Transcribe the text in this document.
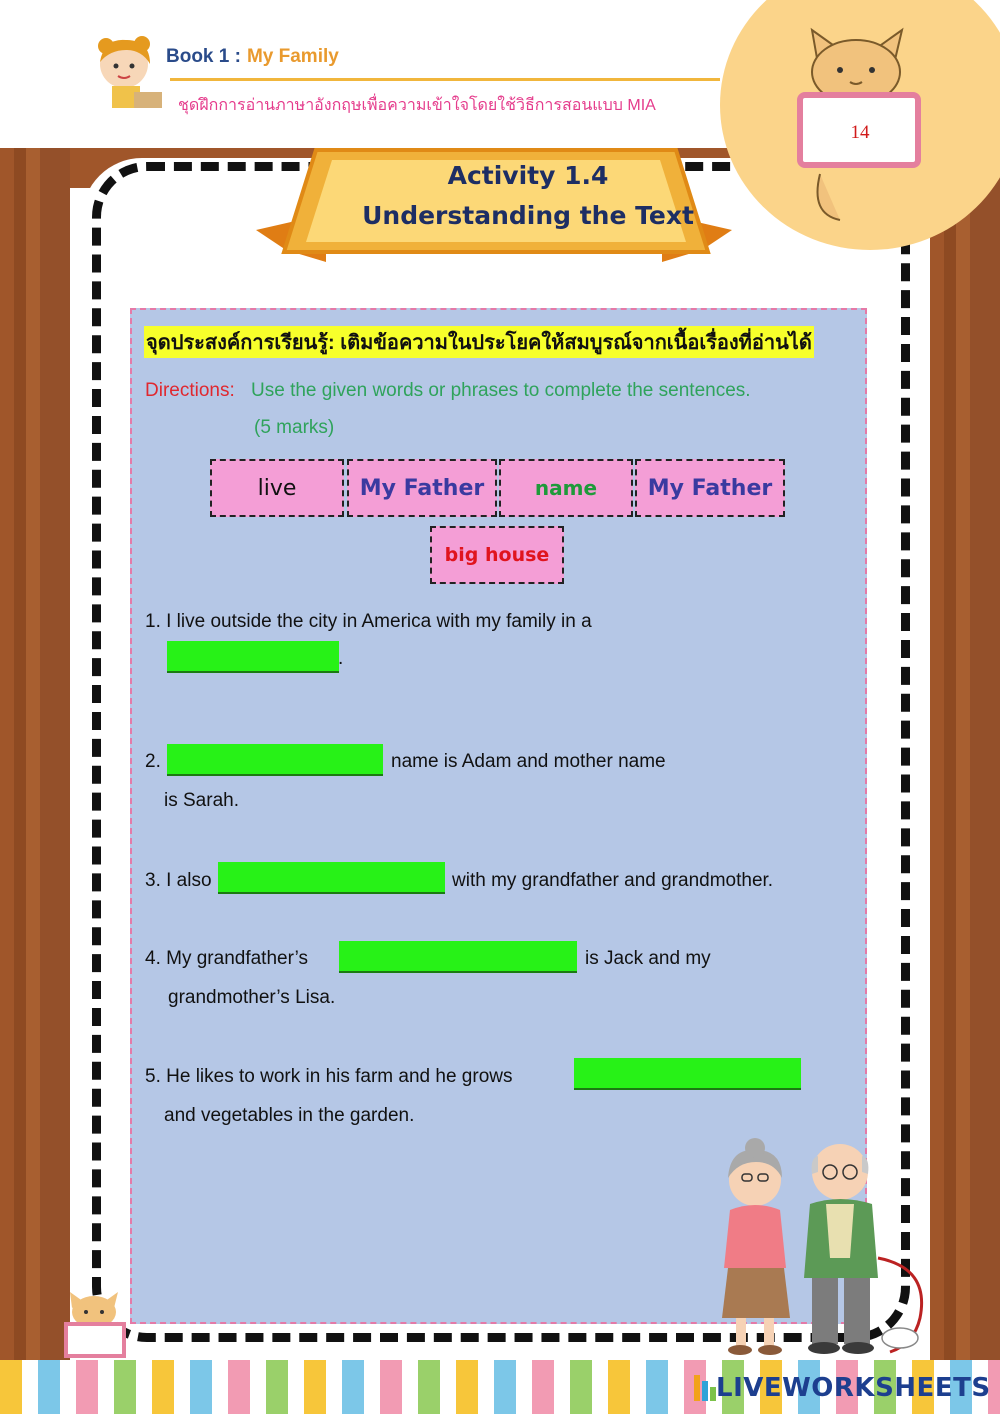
Book 1 : My Family
ชุดฝึกการอ่านภาษาอังกฤษเพื่อความเข้าใจโดยใช้วิธีการสอนแบบ MIA
14
Activity 1.4
Understanding the Text
จุดประสงค์การเรียนรู้: เติมข้อความในประโยคให้สมบูรณ์จากเนื้อเรื่องที่อ่านได้
Directions: Use the given words or phrases to complete the sentences.
(5 marks)
live	My Father	name	My Father
big house
1. I live outside the city in America with my family in a
.
2.	name is Adam and mother name
is Sarah.
3. I also	with my grandfather and grandmother.
4. My grandfather’s	is Jack and my
grandmother’s Lisa.
5. He likes to work in his farm and he grows
and vegetables in the garden.
LIVEWORKSHEETS
